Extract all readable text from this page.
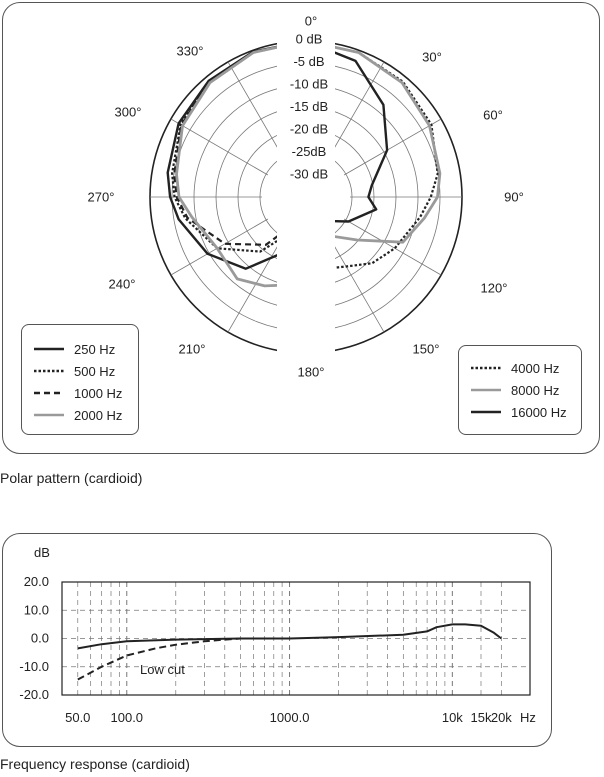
0°
30°
60°
90°
120°
150°
180°
210°
240°
270°
300°
330°
0 dB
-5 dB
-10 dB
-15 dB
-20 dB
-25dB
-30 dB
250 Hz
500 Hz
1000 Hz
2000 Hz
4000 Hz
8000 Hz
16000 Hz
Polar pattern (cardioid)
dB
20.0
10.0
0.0
-10.0
-20.0
50.0 100.0	1000.0	10k 15k 20k Hz
Low cut
Frequency response (cardioid)
